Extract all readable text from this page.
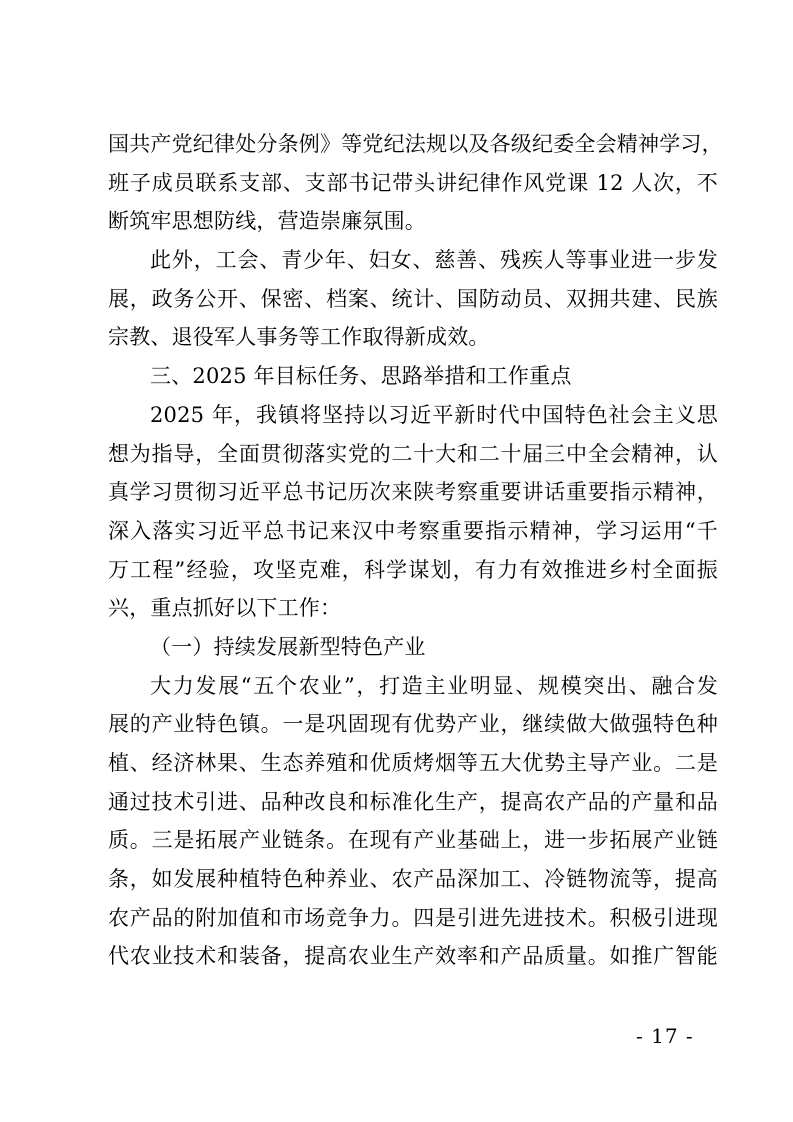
国共产党纪律处分条例》等党纪法规以及各级纪委全会精神学习，
班子成员联系支部、支部书记带头讲纪律作风党课 12 人次，不
断筑牢思想防线，营造崇廉氛围。
此外，工会、青少年、妇女、慈善、残疾人等事业进一步发
展，政务公开、保密、档案、统计、国防动员、双拥共建、民族
宗教、退役军人事务等工作取得新成效。
三、2025 年目标任务、思路举措和工作重点
2025 年，我镇将坚持以习近平新时代中国特色社会主义思
想为指导，全面贯彻落实党的二十大和二十届三中全会精神，认
真学习贯彻习近平总书记历次来陕考察重要讲话重要指示精神，
深入落实习近平总书记来汉中考察重要指示精神，学习运用“千
万工程”经验，攻坚克难，科学谋划，有力有效推进乡村全面振
兴，重点抓好以下工作：
（一）持续发展新型特色产业
大力发展“五个农业”，打造主业明显、规模突出、融合发
展的产业特色镇。一是巩固现有优势产业，继续做大做强特色种
植、经济林果、生态养殖和优质烤烟等五大优势主导产业。二是
通过技术引进、品种改良和标准化生产，提高农产品的产量和品
质。三是拓展产业链条。在现有产业基础上，进一步拓展产业链
条，如发展种植特色种养业、农产品深加工、冷链物流等，提高
农产品的附加值和市场竞争力。四是引进先进技术。积极引进现
代农业技术和装备，提高农业生产效率和产品质量。如推广智能
- 17 -
